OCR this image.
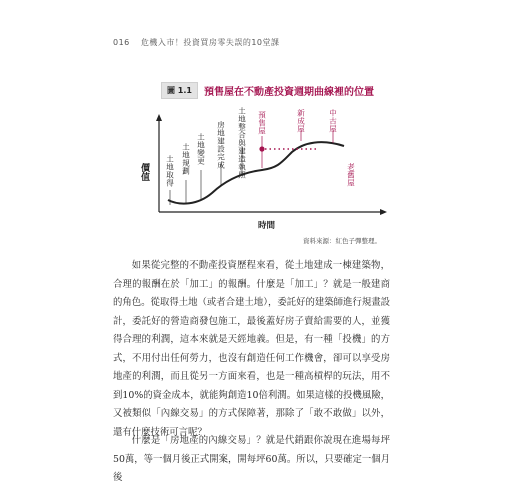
016 危機入市！投資買房零失誤的10堂課
圖 1.1	預售屋在不動產投資週期曲線裡的位置
價值
時間
土地取得 土地規劃 土地變更 房地建設完成 土地整合與建造執照 預售屋	新成屋	中古屋
老舊屋
資料來源：紅色子彈整理。

如果從完整的不動產投資歷程來看，從土地建成一棟建築物，合理的報酬在於「加工」的報酬。什麼是「加工」？就是一般建商的角色。從取得土地（或者合建土地），委託好的建築師進行規畫設計，委託好的營造商發包施工，最後蓋好房子賣給需要的人，並獲得合理的利潤，這本來就是天經地義。但是，有一種「投機」的方式，不用付出任何勞力，也沒有創造任何工作機會，卻可以享受房地產的利潤，而且從另一方面來看，也是一種高槓桿的玩法，用不到10%的資金成本，就能夠創造10倍利潤。如果這樣的投機風險，又被類似「內線交易」的方式保障著，那除了「敢不敢做」以外，還有什麼技術可言呢？

什麼是「房地產的內線交易」？就是代銷跟你說現在進場每坪50萬，等一個月後正式開案，開每坪60萬。所以，只要確定一個月後
